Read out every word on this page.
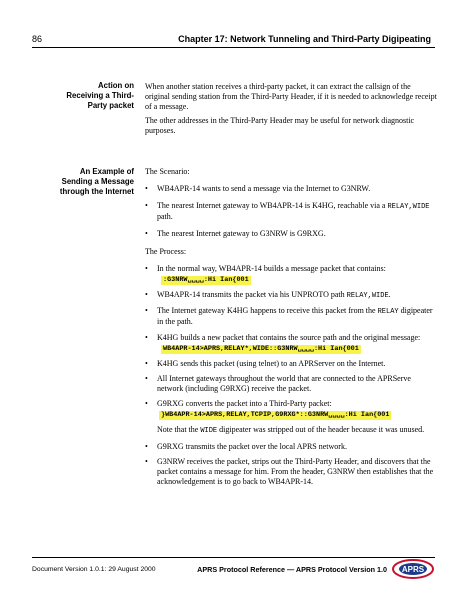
86	Chapter 17: Network Tunneling and Third-Party Digipeating
Action on
Receiving a Third-
Party packet

When another station receives a third-party packet, it can extract the callsign of the original sending station from the Third-Party Header, if it is needed to acknowledge receipt of a message.

The other addresses in the Third-Party Header may be useful for network diagnostic purposes.

An Example of
Sending a Message
through the Internet

The Scenario:

• WB4APR-14 wants to send a message via the Internet to G3NRW.
• The nearest Internet gateway to WB4APR-14 is K4HG, reachable via a RELAY,WIDE path.
• The nearest Internet gateway to G3NRW is G9RXG.

The Process:

• In the normal way, WB4APR-14 builds a message packet that contains:
:G3NRW␣␣␣␣:Hi Ian{001
• WB4APR-14 transmits the packet via his UNPROTO path RELAY,WIDE.
• The Internet gateway K4HG happens to receive this packet from the RELAY digipeater in the path.
• K4HG builds a new packet that contains the source path and the original message:
WB4APR-14>APRS,RELAY*,WIDE::G3NRW␣␣␣␣:Hi Ian{001
• K4HG sends this packet (using telnet) to an APRServer on the Internet.
• All Internet gateways throughout the world that are connected to the APRServe network (including G9RXG) receive the packet.
• G9RXG converts the packet into a Third-Party packet:
}WB4APR-14>APRS,RELAY,TCPIP,G9RXG*::G3NRW␣␣␣␣:Hi Ian{001
Note that the WIDE digipeater was stripped out of the header because it was unused.
• G9RXG transmits the packet over the local APRS network.
• G3NRW receives the packet, strips out the Third-Party Header, and discovers that the packet contains a message for him. From the header, G3NRW then establishes that the acknowledgement is to go back to WB4APR-14.
Document Version 1.0.1: 29 August 2000	APRS Protocol Reference — APRS Protocol Version 1.0 APRS
